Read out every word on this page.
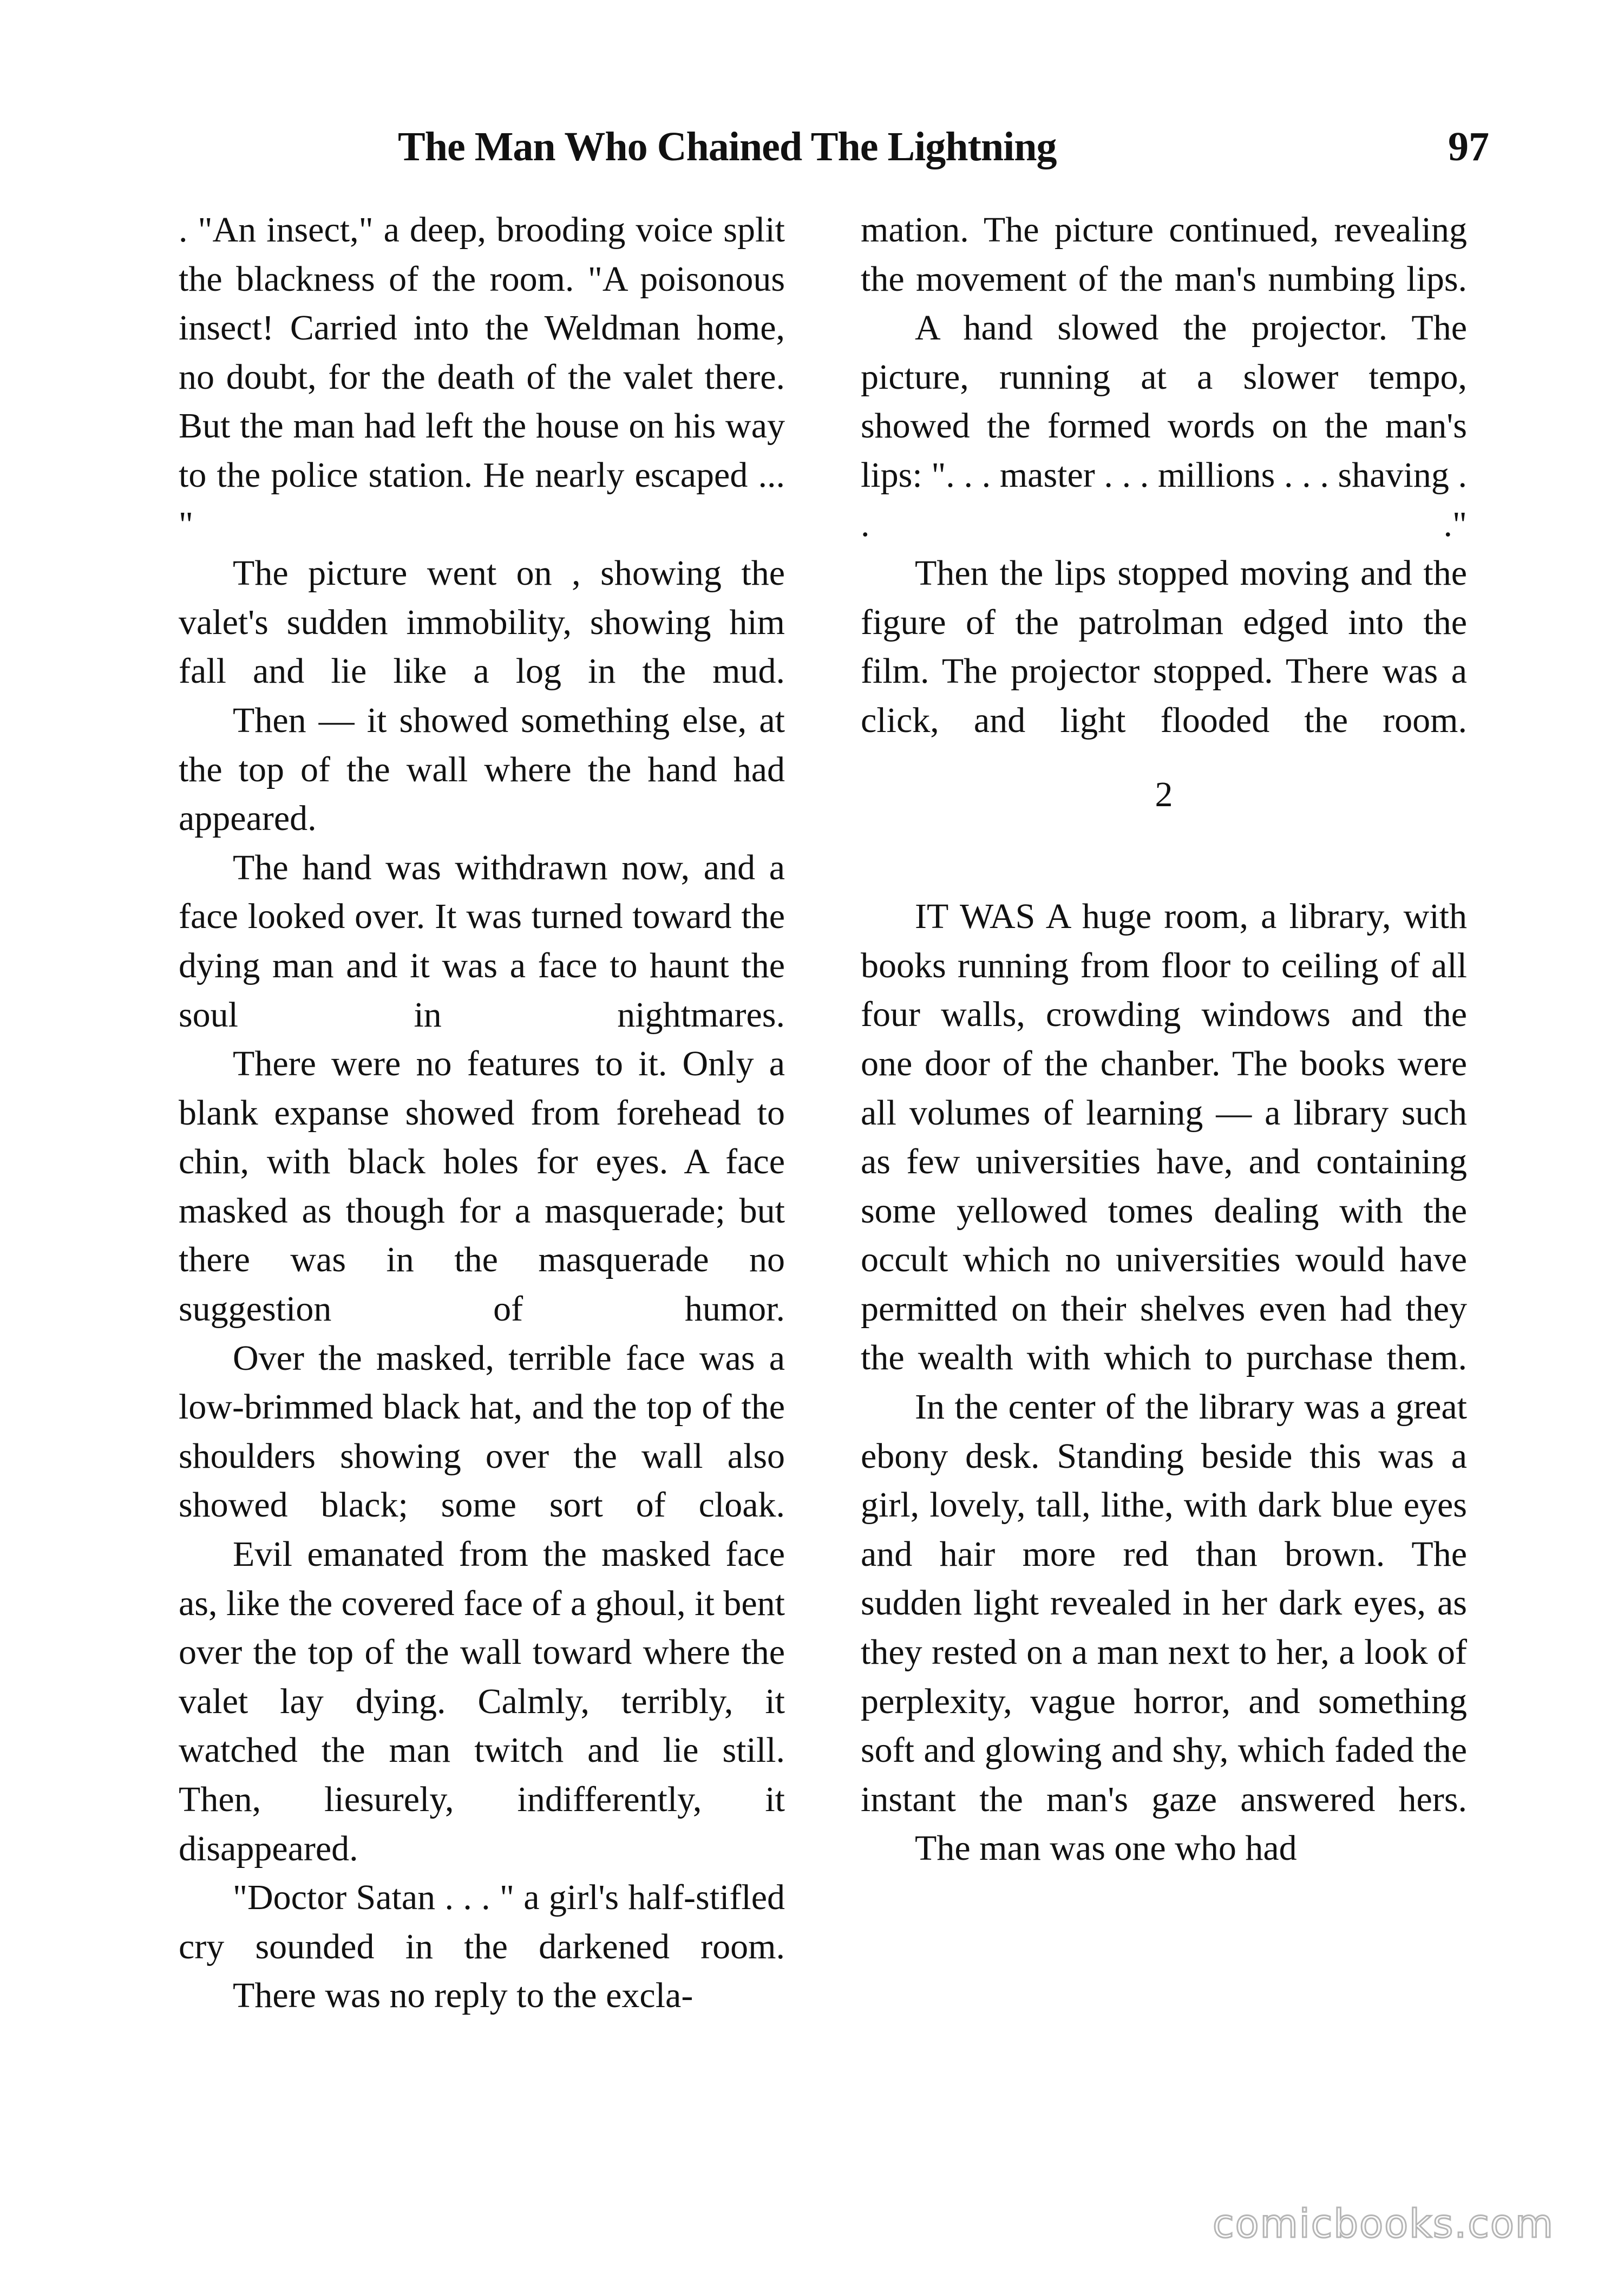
The Man Who Chained The Lightning	97

. "An insect," a deep, brooding voice split the blackness of the room. "A poisonous insect! Carried into the Weldman home, no doubt, for the death of the valet there. But the man had left the house on his way to the police station. He nearly escaped ... "

The picture went on , showing the valet's sudden immobility, showing him fall and lie like a log in the mud.

Then — it showed something else, at the top of the wall where the hand had appeared.

The hand was withdrawn now, and a face looked over. It was turned toward the dying man and it was a face to haunt the soul in nightmares.

There were no features to it. Only a blank expanse showed from forehead to chin, with black holes for eyes. A face masked as though for a masquerade; but there was in the masquerade no suggestion of humor.

Over the masked, terrible face was a low-brimmed black hat, and the top of the shoulders showing over the wall also showed black; some sort of cloak.

Evil emanated from the masked face as, like the covered face of a ghoul, it bent over the top of the wall toward where the valet lay dying. Calmly, terribly, it watched the man twitch and lie still. Then, liesurely, indifferently, it disappeared.

"Doctor Satan . . . " a girl's half-stifled cry sounded in the darkened room.

There was no reply to the excla-

mation. The picture continued, revealing the movement of the man's numbing lips.

A hand slowed the projector. The picture, running at a slower tempo, showed the formed words on the man's lips: ". . . master . . . millions . . . shaving . . ."

Then the lips stopped moving and the figure of the patrolman edged into the film. The projector stopped. There was a click, and light flooded the room.

2

IT WAS A huge room, a library, with books running from floor to ceiling of all four walls, crowding windows and the one door of the chanber. The books were all volumes of learning — a library such as few universities have, and containing some yellowed tomes dealing with the occult which no universities would have permitted on their shelves even had they the wealth with which to purchase them.

In the center of the library was a great ebony desk. Standing beside this was a girl, lovely, tall, lithe, with dark blue eyes and hair more red than brown. The sudden light revealed in her dark eyes, as they rested on a man next to her, a look of perplexity, vague horror, and something soft and glowing and shy, which faded the instant the man's gaze answered hers.

The man was one who had

comicbooks.com
